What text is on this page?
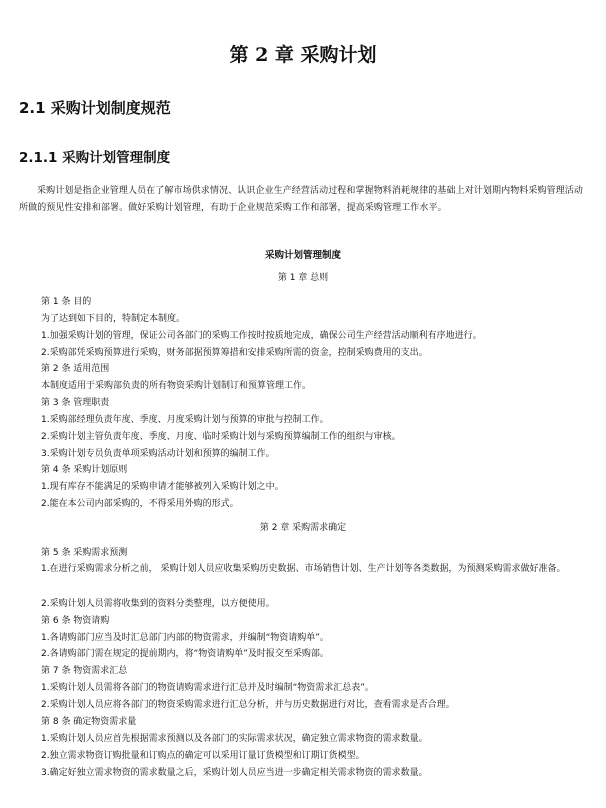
第 2 章 采购计划
2.1 采购计划制度规范
2.1.1 采购计划管理制度
采购计划是指企业管理人员在了解市场供求情况、认识企业生产经营活动过程和掌握物料消耗规律的基础上对计划期内物料采购管理活动所做的预见性安排和部署。做好采购计划管理，有助于企业规范采购工作和部署，提高采购管理工作水平。
采购计划管理制度
第 1 章 总则
第 1 条 目的
为了达到如下目的，特制定本制度。
1.加强采购计划的管理，保证公司各部门的采购工作按时按质地完成，确保公司生产经营活动顺利有序地进行。
2.采购部凭采购预算进行采购，财务部据预算筹措和安排采购所需的资金，控制采购费用的支出。
第 2 条 适用范围
本制度适用于采购部负责的所有物资采购计划制订和预算管理工作。
第 3 条 管理职责
1.采购部经理负责年度、季度、月度采购计划与预算的审批与控制工作。
2.采购计划主管负责年度、季度、月度、临时采购计划与采购预算编制工作的组织与审核。
3.采购计划专员负责单项采购活动计划和预算的编制工作。
第 4 条 采购计划原则
1.现有库存不能满足的采购申请才能够被列入采购计划之中。
2.能在本公司内部采购的，不得采用外购的形式。
第 2 章 采购需求确定
第 5 条 采购需求预测
1.在进行采购需求分析之前， 采购计划人员应收集采购历史数据、市场销售计划、生产计划等各类数据，为预测采购需求做好准备。
2.采购计划人员需将收集到的资料分类整理，以方便使用。
第 6 条 物资请购
1.各请购部门应当及时汇总部门内部的物资需求，并编制“物资请购单”。
2.各请购部门需在规定的提前期内，将“物资请购单”及时报交至采购部。
第 7 条 物资需求汇总
1.采购计划人员需将各部门的物资请购需求进行汇总并及时编制“物资需求汇总表”。
2.采购计划人员应将各部门的物资采购需求进行汇总分析，并与历史数据进行对比，查看需求是否合理。
第 8 条 确定物资需求量
1.采购计划人员应首先根据需求预测以及各部门的实际需求状况，确定独立需求物资的需求数量。
2.独立需求物资订购批量和订购点的确定可以采用订量订货模型和订期订货模型。
3.确定好独立需求物资的需求数量之后，采购计划人员应当进一步确定相关需求物资的需求数量。
